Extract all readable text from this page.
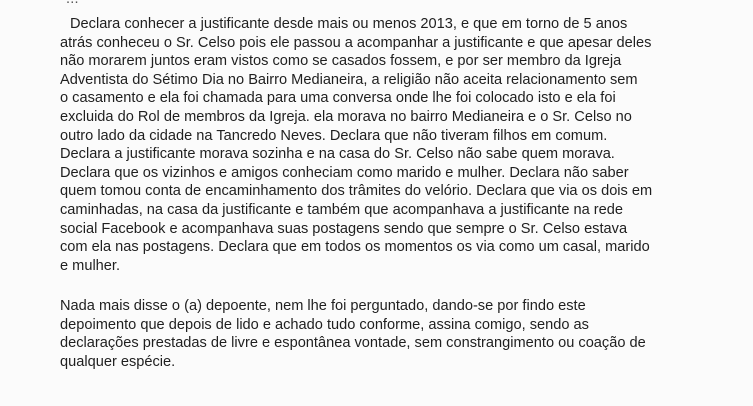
Declara conhecer a justificante desde mais ou menos 2013, e que em torno de 5 anos
atrás conheceu o Sr. Celso pois ele passou a acompanhar a justificante e que apesar deles
não morarem juntos eram vistos como se casados fossem, e por ser membro da Igreja
Adventista do Sétimo Dia no Bairro Medianeira, a religião não aceita relacionamento sem
o casamento e ela foi chamada para uma conversa onde lhe foi colocado isto e ela foi
excluida do Rol de membros da Igreja. ela morava no bairro Medianeira e o Sr. Celso no
outro lado da cidade na Tancredo Neves. Declara que não tiveram filhos em comum.
Declara a justificante morava sozinha e na casa do Sr. Celso não sabe quem morava.
Declara que os vizinhos e amigos conheciam como marido e mulher. Declara não saber
quem tomou conta de encaminhamento dos trâmites do velório. Declara que via os dois em
caminhadas, na casa da justificante e também que acompanhava a justificante na rede
social Facebook e acompanhava suas postagens sendo que sempre o Sr. Celso estava
com ela nas postagens. Declara que em todos os momentos os via como um casal, marido
e mulher.

Nada mais disse o (a) depoente, nem lhe foi perguntado, dando-se por findo este
depoimento que depois de lido e achado tudo conforme, assina comigo, sendo as
declarações prestadas de livre e espontânea vontade, sem constrangimento ou coação de
qualquer espécie.
